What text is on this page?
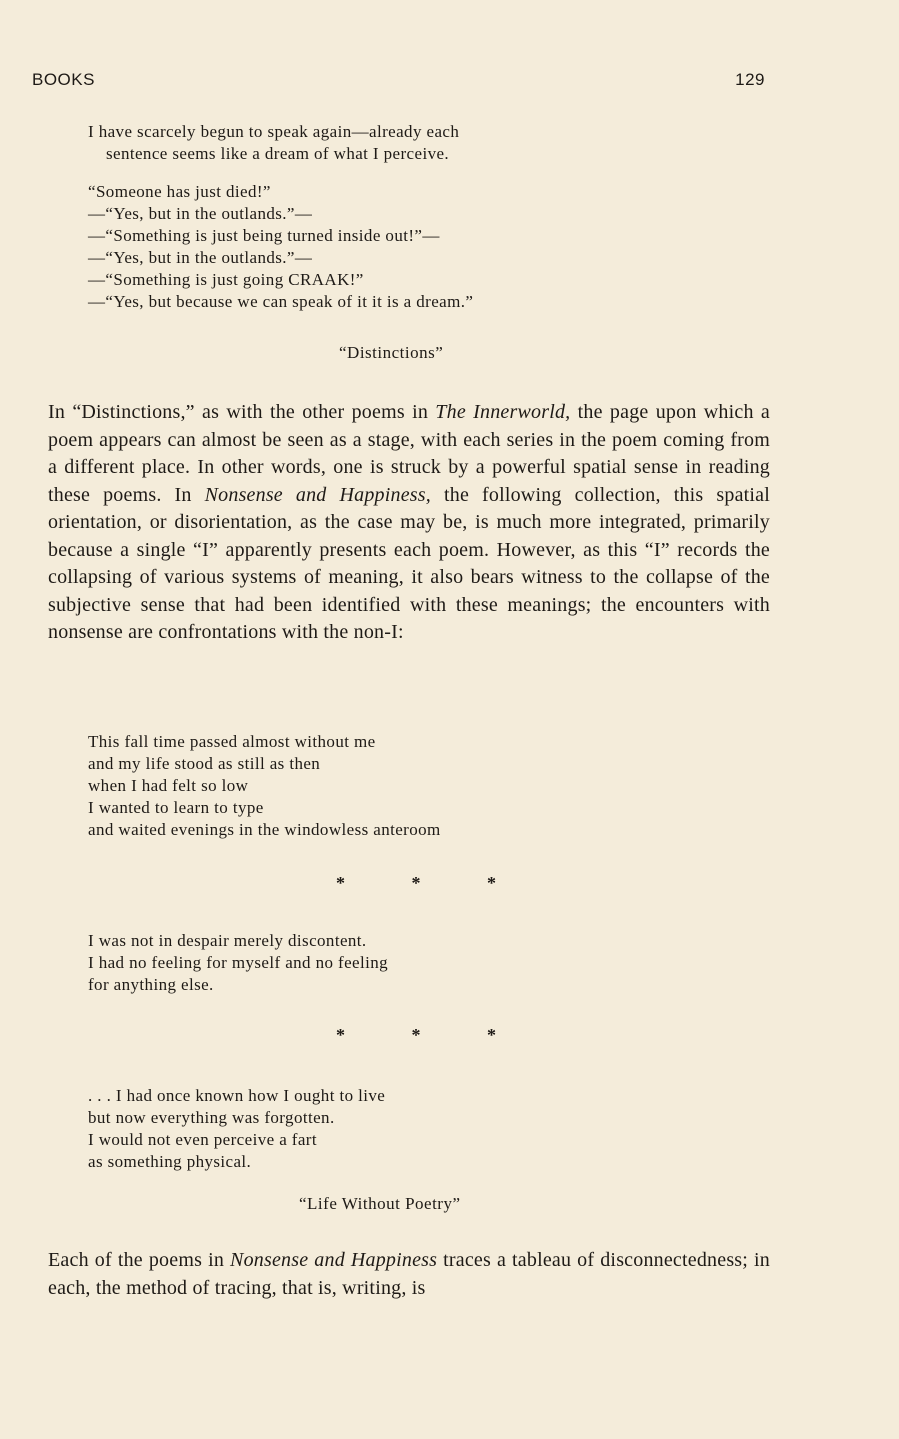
BOOKS	129
I have scarcely begun to speak again—already each
sentence seems like a dream of what I perceive.
“Someone has just died!”
—“Yes, but in the outlands.”—
—“Something is just being turned inside out!”—
—“Yes, but in the outlands.”—
—“Something is just going CRAAK!”
—“Yes, but because we can speak of it it is a dream.”
“Distinctions”
In “Distinctions,” as with the other poems in The Innerworld, the page upon which a poem appears can almost be seen as a stage, with each series in the poem coming from a different place. In other words, one is struck by a powerful spatial sense in reading these poems. In Nonsense and Happiness, the following collection, this spatial orientation, or disorientation, as the case may be, is much more integrated, primarily because a single “I” apparently presents each poem. However, as this “I” records the collapsing of various systems of meaning, it also bears witness to the collapse of the subjective sense that had been identified with these meanings; the encounters with nonsense are confrontations with the non-I:
This fall time passed almost without me
and my life stood as still as then
when I had felt so low
I wanted to learn to type
and waited evenings in the windowless anteroom
*	*	*
I was not in despair merely discontent.
I had no feeling for myself and no feeling
for anything else.
*	*	*
. . . I had once known how I ought to live
but now everything was forgotten.
I would not even perceive a fart
as something physical.
“Life Without Poetry”
Each of the poems in Nonsense and Happiness traces a tableau of disconnectedness; in each, the method of tracing, that is, writing, is
